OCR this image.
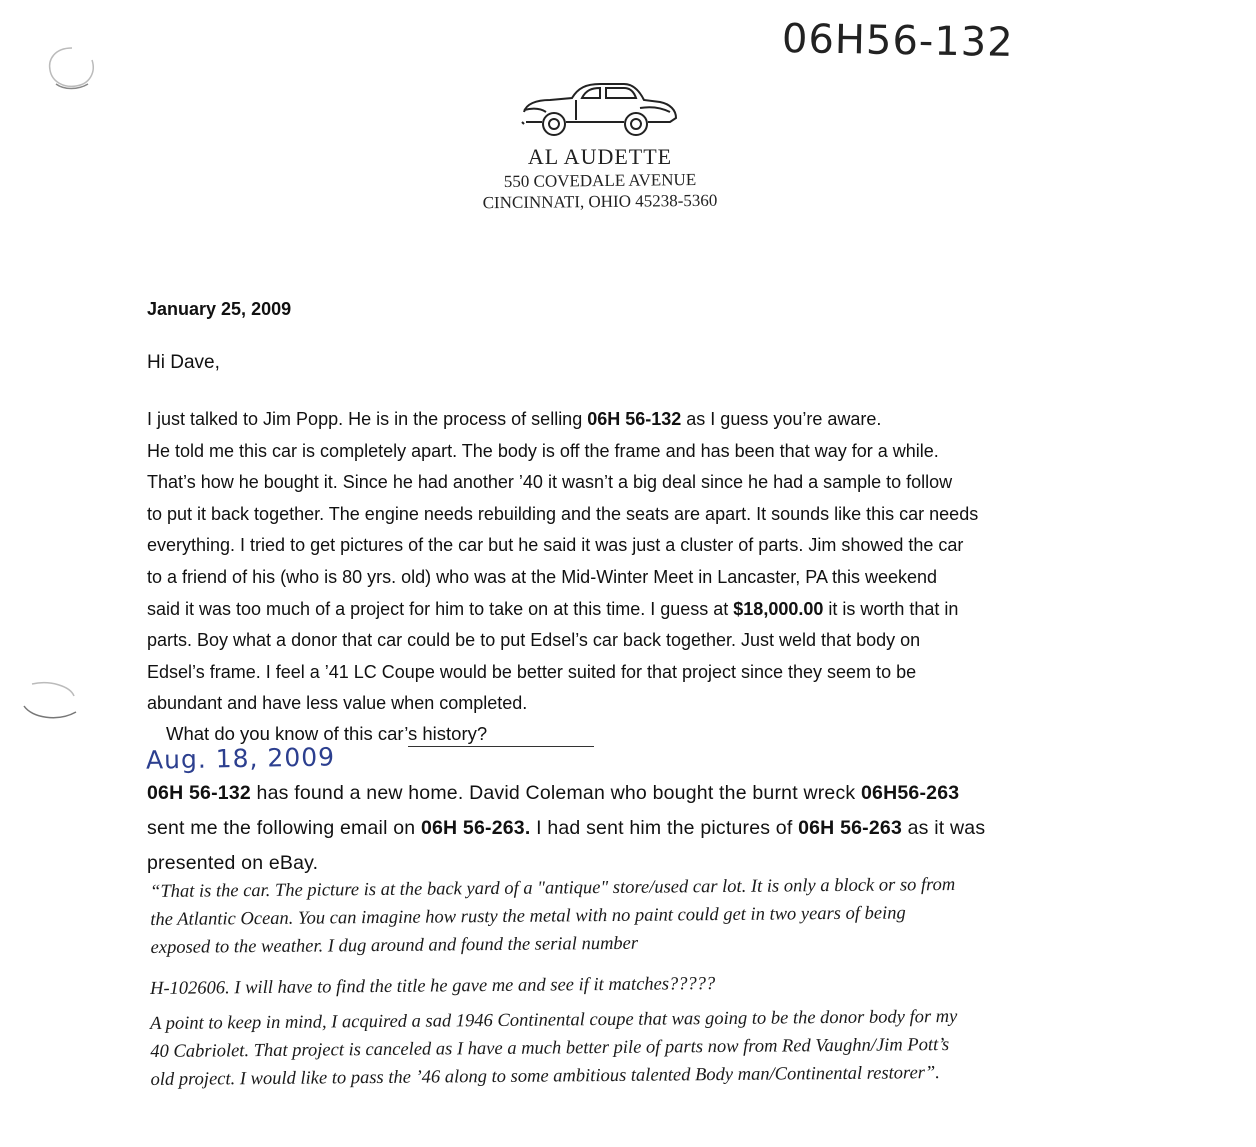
06H56-132
AL AUDETTE
550 COVEDALE AVENUE
CINCINNATI, OHIO 45238-5360
January 25, 2009
Hi Dave,
I just talked to Jim Popp. He is in the process of selling 06H 56-132 as I guess you’re aware.
He told me this car is completely apart. The body is off the frame and has been that way for a while.
That’s how he bought it. Since he had another ’40 it wasn’t a big deal since he had a sample to follow
to put it back together. The engine needs rebuilding and the seats are apart. It sounds like this car needs
everything. I tried to get pictures of the car but he said it was just a cluster of parts. Jim showed the car
to a friend of his (who is 80 yrs. old) who was at the Mid-Winter Meet in Lancaster, PA this weekend
said it was too much of a project for him to take on at this time. I guess at $18,000.00 it is worth that in
parts. Boy what a donor that car could be to put Edsel’s car back together. Just weld that body on
Edsel’s frame. I feel a ’41 LC Coupe would be better suited for that project since they seem to be
abundant and have less value when completed.
What do you know of this car’s history?
Aug. 18, 2009
06H 56-132 has found a new home. David Coleman who bought the burnt wreck 06H56-263
sent me the following email on 06H 56-263. I had sent him the pictures of 06H 56-263 as it was
presented on eBay.
“That is the car. The picture is at the back yard of a "antique" store/used car lot. It is only a block or so from
the Atlantic Ocean. You can imagine how rusty the metal with no paint could get in two years of being
exposed to the weather. I dug around and found the serial number
H-102606. I will have to find the title he gave me and see if it matches?????
A point to keep in mind, I acquired a sad 1946 Continental coupe that was going to be the donor body for my
40 Cabriolet. That project is canceled as I have a much better pile of parts now from Red Vaughn/Jim Pott’s
old project. I would like to pass the ’46 along to some ambitious talented Body man/Continental restorer”.
